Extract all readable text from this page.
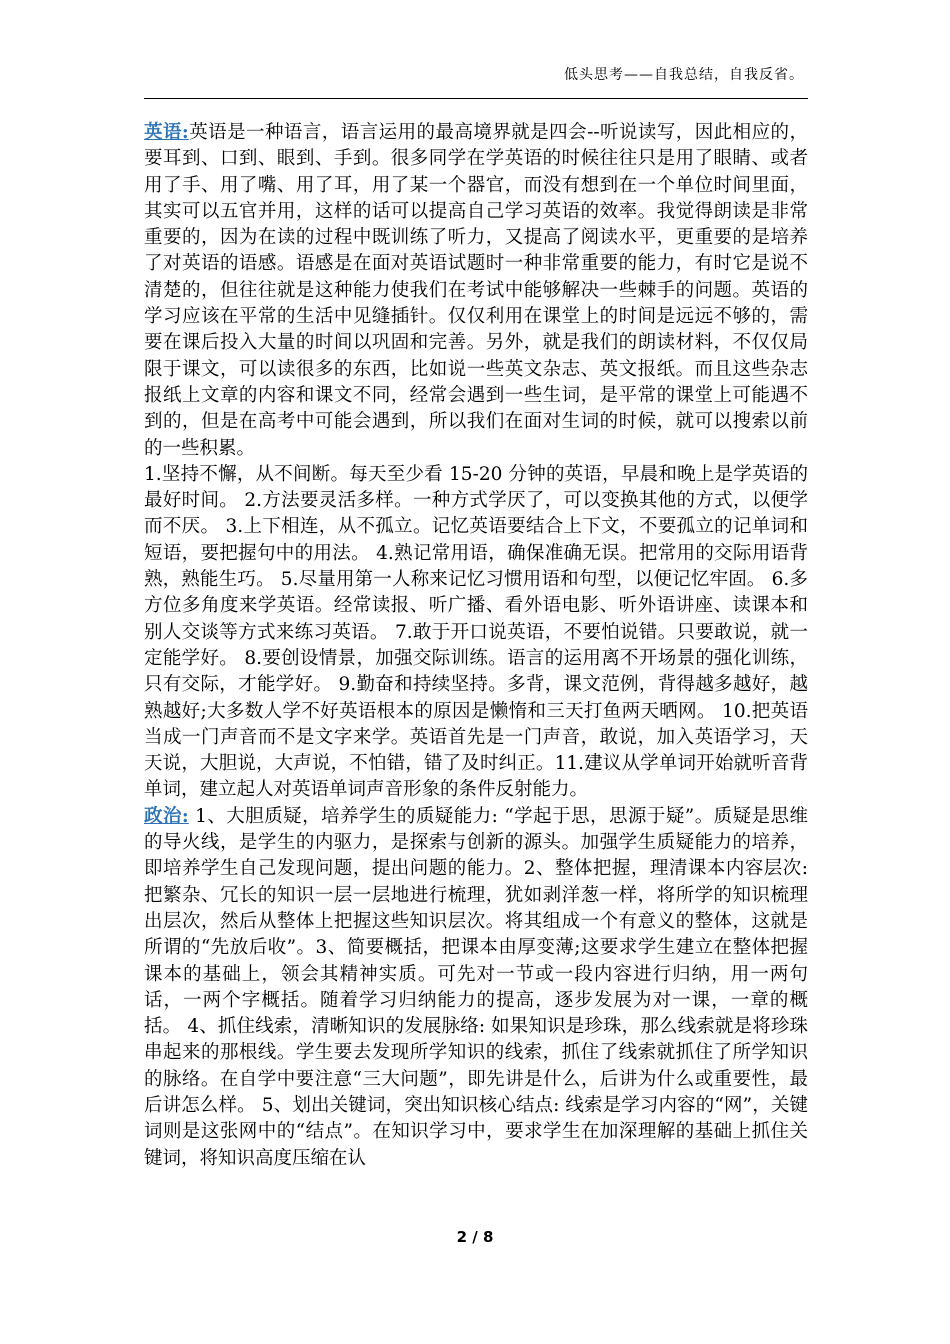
低头思考——自我总结，自我反省。

英语:英语是一种语言，语言运用的最高境界就是四会--听说读写，因此相应的，要耳到、口到、眼到、手到。很多同学在学英语的时候往往只是用了眼睛、或者用了手、用了嘴、用了耳，用了某一个器官，而没有想到在一个单位时间里面，其实可以五官并用，这样的话可以提高自己学习英语的效率。我觉得朗读是非常重要的，因为在读的过程中既训练了听力，又提高了阅读水平，更重要的是培养了对英语的语感。语感是在面对英语试题时一种非常重要的能力，有时它是说不清楚的，但往往就是这种能力使我们在考试中能够解决一些棘手的问题。英语的学习应该在平常的生活中见缝插针。仅仅利用在课堂上的时间是远远不够的，需要在课后投入大量的时间以巩固和完善。另外，就是我们的朗读材料，不仅仅局限于课文，可以读很多的东西，比如说一些英文杂志、英文报纸。而且这些杂志报纸上文章的内容和课文不同，经常会遇到一些生词，是平常的课堂上可能遇不到的，但是在高考中可能会遇到，所以我们在面对生词的时候，就可以搜索以前的一些积累。

1.坚持不懈，从不间断。每天至少看 15-20 分钟的英语，早晨和晚上是学英语的最好时间。 2.方法要灵活多样。一种方式学厌了，可以变换其他的方式，以便学而不厌。 3.上下相连，从不孤立。记忆英语要结合上下文，不要孤立的记单词和短语，要把握句中的用法。 4.熟记常用语，确保准确无误。把常用的交际用语背熟，熟能生巧。 5.尽量用第一人称来记忆习惯用语和句型，以便记忆牢固。 6.多方位多角度来学英语。经常读报、听广播、看外语电影、听外语讲座、读课本和别人交谈等方式来练习英语。 7.敢于开口说英语，不要怕说错。只要敢说，就一定能学好。 8.要创设情景，加强交际训练。语言的运用离不开场景的强化训练，只有交际，才能学好。 9.勤奋和持续坚持。多背，课文范例，背得越多越好，越熟越好;大多数人学不好英语根本的原因是懒惰和三天打鱼两天晒网。 10.把英语当成一门声音而不是文字来学。英语首先是一门声音，敢说，加入英语学习，天天说，大胆说，大声说，不怕错，错了及时纠正。11.建议从学单词开始就听音背单词，建立起人对英语单词声音形象的条件反射能力。

政治: 1、大胆质疑，培养学生的质疑能力: “学起于思，思源于疑”。质疑是思维的导火线，是学生的内驱力，是探索与创新的源头。加强学生质疑能力的培养，即培养学生自己发现问题，提出问题的能力。2、整体把握，理清课本内容层次: 把繁杂、冗长的知识一层一层地进行梳理，犹如剥洋葱一样，将所学的知识梳理出层次，然后从整体上把握这些知识层次。将其组成一个有意义的整体，这就是所谓的“先放后收”。3、简要概括，把课本由厚变薄;这要求学生建立在整体把握课本的基础上，领会其精神实质。可先对一节或一段内容进行归纳，用一两句话，一两个字概括。随着学习归纳能力的提高，逐步发展为对一课，一章的概括。 4、抓住线索，清晰知识的发展脉络: 如果知识是珍珠，那么线索就是将珍珠串起来的那根线。学生要去发现所学知识的线索，抓住了线索就抓住了所学知识的脉络。在自学中要注意“三大问题”，即先讲是什么，后讲为什么或重要性，最后讲怎么样。 5、划出关键词，突出知识核心结点: 线索是学习内容的“网”，关键词则是这张网中的“结点”。在知识学习中，要求学生在加深理解的基础上抓住关键词，将知识高度压缩在认

2 / 8
